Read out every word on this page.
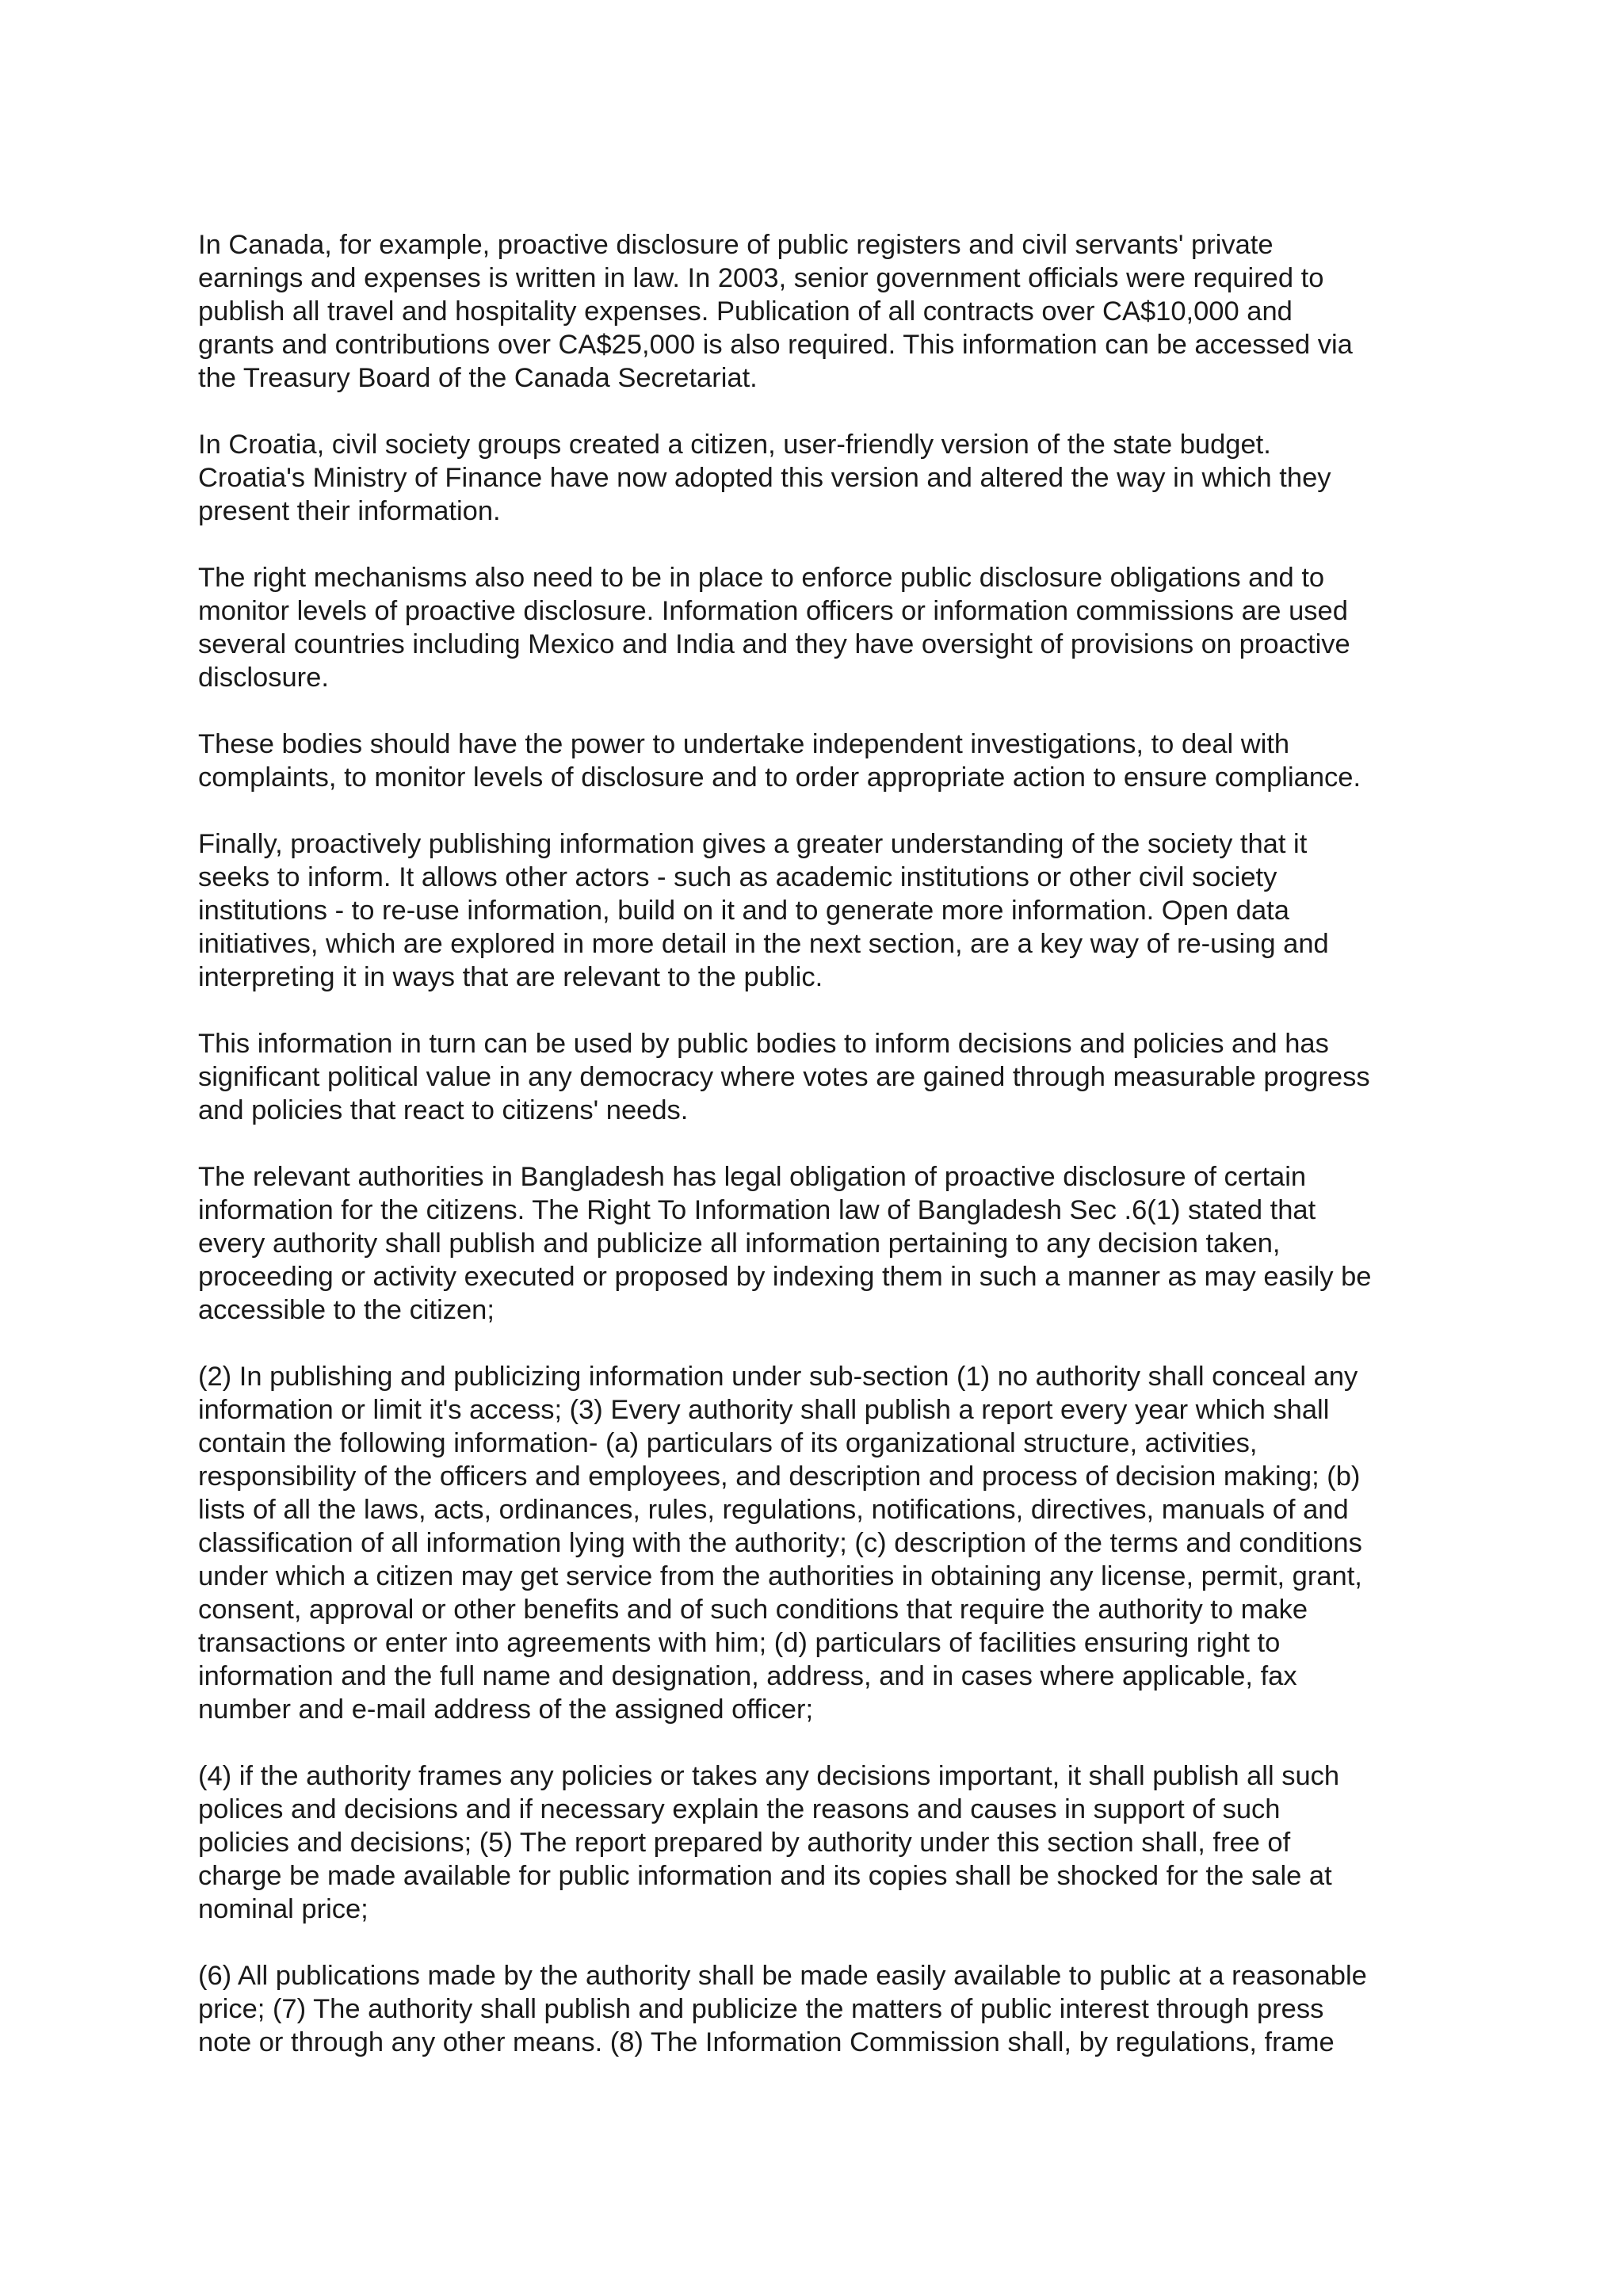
In Canada, for example, proactive disclosure of public registers and civil servants' private
earnings and expenses is written in law. In 2003, senior government officials were required to
publish all travel and hospitality expenses. Publication of all contracts over CA$10,000 and
grants and contributions over CA$25,000 is also required. This information can be accessed via
the Treasury Board of the Canada Secretariat.

In Croatia, civil society groups created a citizen, user-friendly version of the state budget.
Croatia's Ministry of Finance have now adopted this version and altered the way in which they
present their information.

The right mechanisms also need to be in place to enforce public disclosure obligations and to
monitor levels of proactive disclosure. Information officers or information commissions are used
several countries including Mexico and India and they have oversight of provisions on proactive
disclosure.

These bodies should have the power to undertake independent investigations, to deal with
complaints, to monitor levels of disclosure and to order appropriate action to ensure compliance.

Finally, proactively publishing information gives a greater understanding of the society that it
seeks to inform. It allows other actors - such as academic institutions or other civil society
institutions - to re-use information, build on it and to generate more information. Open data
initiatives, which are explored in more detail in the next section, are a key way of re-using and
interpreting it in ways that are relevant to the public.

This information in turn can be used by public bodies to inform decisions and policies and has
significant political value in any democracy where votes are gained through measurable progress
and policies that react to citizens' needs.

The relevant authorities in Bangladesh has legal obligation of proactive disclosure of certain
information for the citizens. The Right To Information law of Bangladesh Sec .6(1) stated that
every authority shall publish and publicize all information pertaining to any decision taken,
proceeding or activity executed or proposed by indexing them in such a manner as may easily be
accessible to the citizen;

(2) In publishing and publicizing information under sub-section (1) no authority shall conceal any
information or limit it's access; (3) Every authority shall publish a report every year which shall
contain the following information- (a) particulars of its organizational structure, activities,
responsibility of the officers and employees, and description and process of decision making; (b)
lists of all the laws, acts, ordinances, rules, regulations, notifications, directives, manuals of and
classification of all information lying with the authority; (c) description of the terms and conditions
under which a citizen may get service from the authorities in obtaining any license, permit, grant,
consent, approval or other benefits and of such conditions that require the authority to make
transactions or enter into agreements with him; (d) particulars of facilities ensuring right to
information and the full name and designation, address, and in cases where applicable, fax
number and e-mail address of the assigned officer;

(4) if the authority frames any policies or takes any decisions important, it shall publish all such
polices and decisions and if necessary explain the reasons and causes in support of such
policies and decisions; (5) The report prepared by authority under this section shall, free of
charge be made available for public information and its copies shall be shocked for the sale at
nominal price;

(6) All publications made by the authority shall be made easily available to public at a reasonable
price; (7) The authority shall publish and publicize the matters of public interest through press
note or through any other means. (8) The Information Commission shall, by regulations, frame
